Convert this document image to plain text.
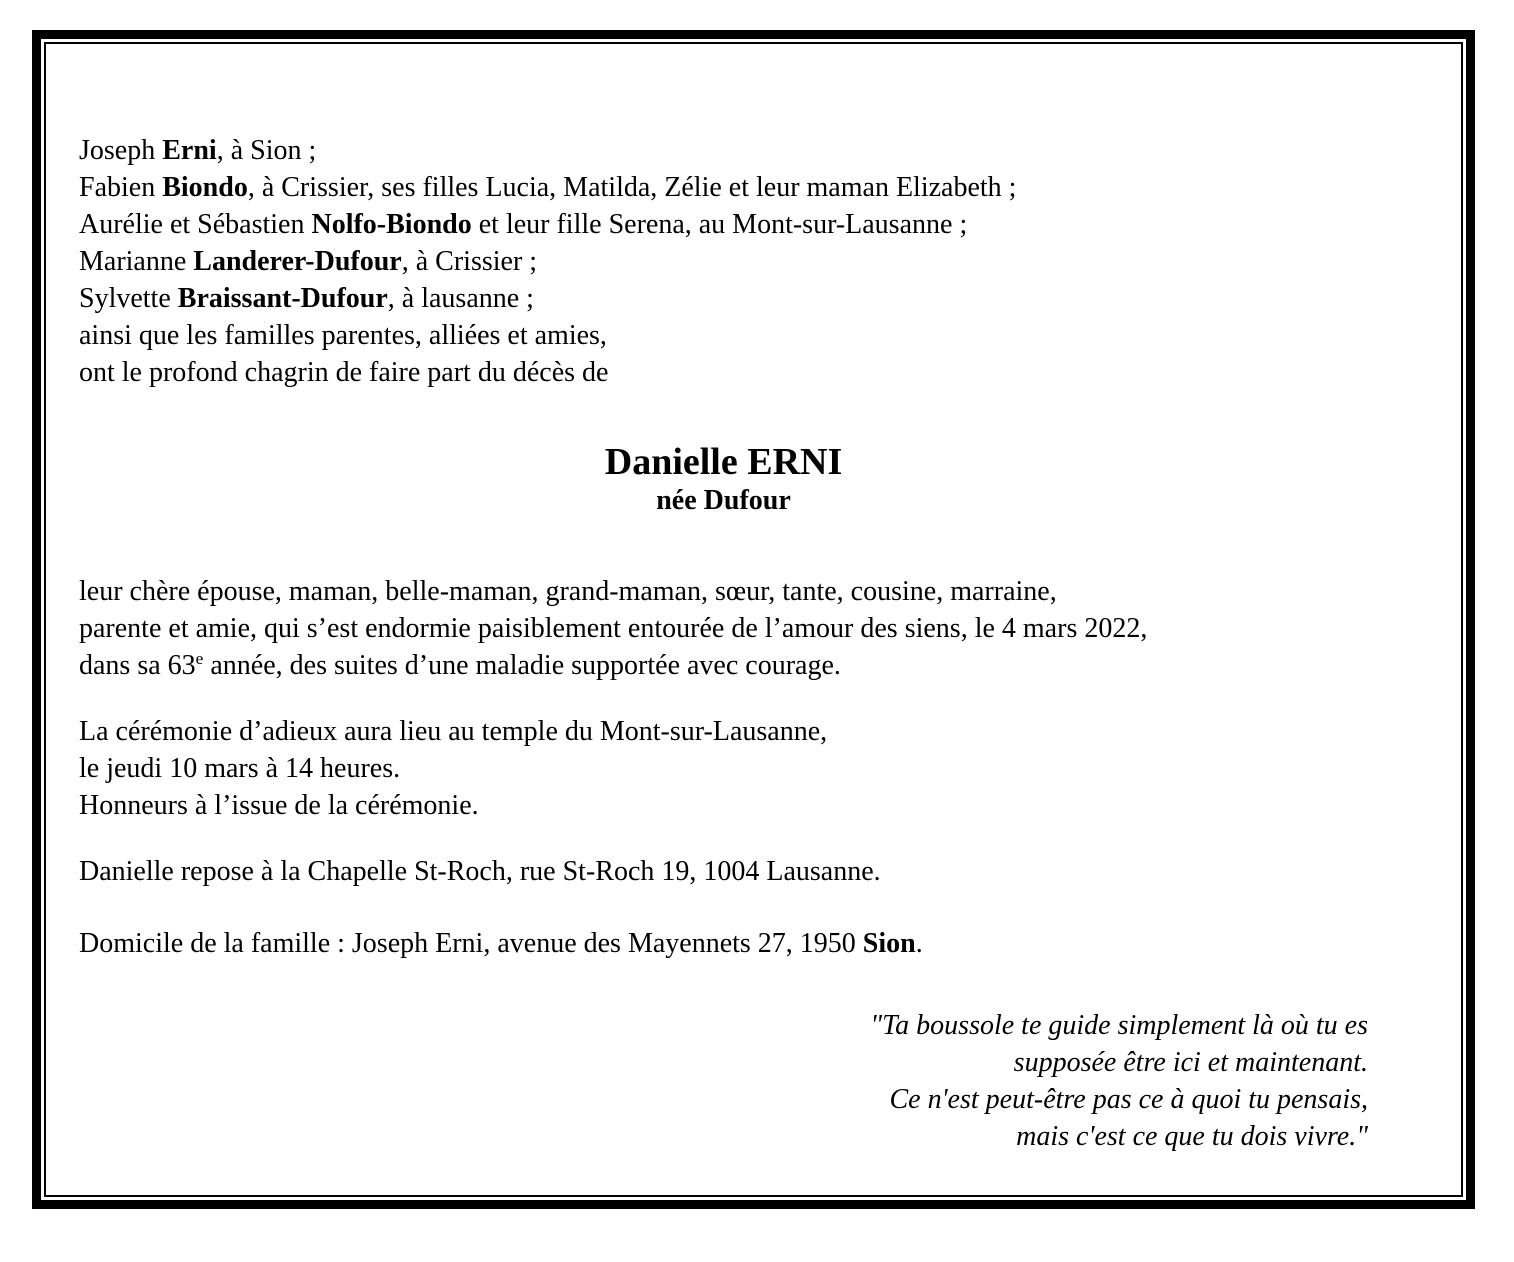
Joseph Erni, à Sion ;
Fabien Biondo, à Crissier, ses filles Lucia, Matilda, Zélie et leur maman Elizabeth ;
Aurélie et Sébastien Nolfo-Biondo et leur fille Serena, au Mont-sur-Lausanne ;
Marianne Landerer-Dufour, à Crissier ;
Sylvette Braissant-Dufour, à lausanne ;
ainsi que les familles parentes, alliées et amies,
ont le profond chagrin de faire part du décès de
Danielle ERNI
née Dufour
leur chère épouse, maman, belle-maman, grand-maman, sœur, tante, cousine, marraine,
parente et amie, qui s’est endormie paisiblement entourée de l’amour des siens, le 4 mars 2022,
dans sa 63e année, des suites d’une maladie supportée avec courage.
La cérémonie d’adieux aura lieu au temple du Mont-sur-Lausanne,
le jeudi 10 mars à 14 heures.
Honneurs à l’issue de la cérémonie.
Danielle repose à la Chapelle St-Roch, rue St-Roch 19, 1004 Lausanne.
Domicile de la famille : Joseph Erni, avenue des Mayennets 27, 1950 Sion.
"Ta boussole te guide simplement là où tu es
supposée être ici et maintenant.
Ce n'est peut-être pas ce à quoi tu pensais,
mais c'est ce que tu dois vivre."
